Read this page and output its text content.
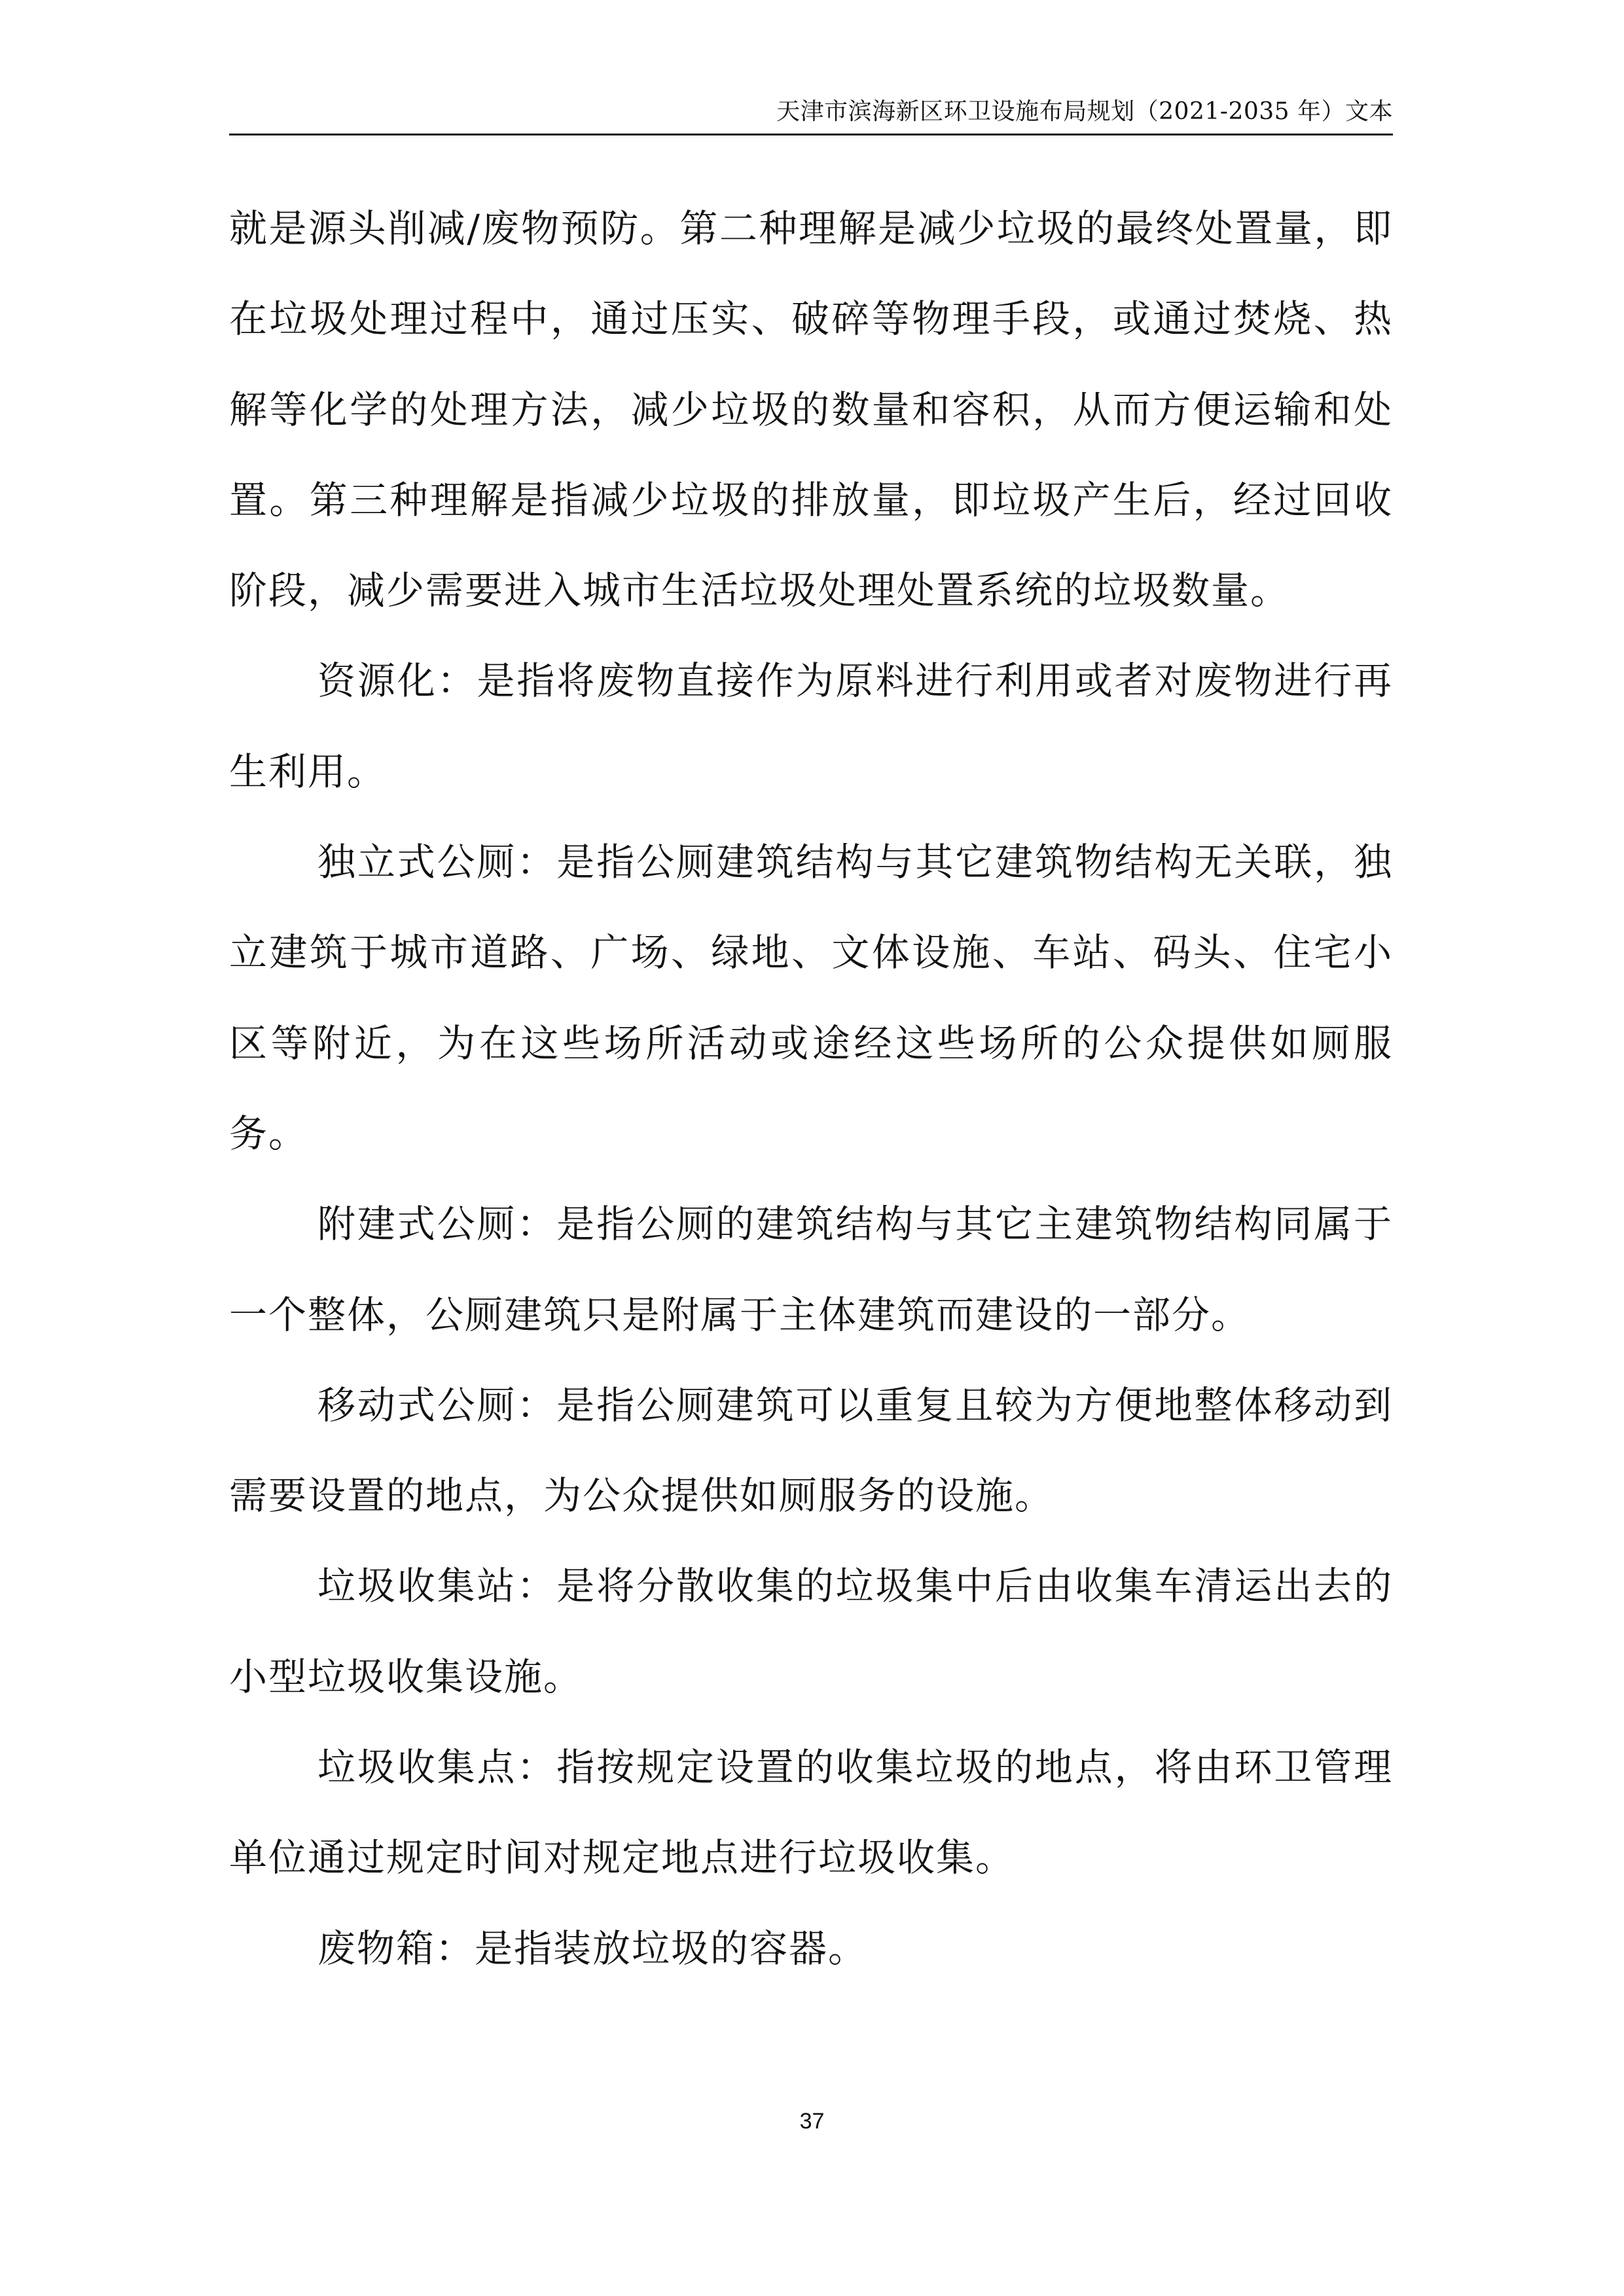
天津市滨海新区环卫设施布局规划（2021-2035 年）文本

就是源头削减/废物预防。第二种理解是减少垃圾的最终处置量，即在垃圾处理过程中，通过压实、破碎等物理手段，或通过焚烧、热解等化学的处理方法，减少垃圾的数量和容积，从而方便运输和处置。第三种理解是指减少垃圾的排放量，即垃圾产生后，经过回收阶段，减少需要进入城市生活垃圾处理处置系统的垃圾数量。

资源化：是指将废物直接作为原料进行利用或者对废物进行再生利用。

独立式公厕：是指公厕建筑结构与其它建筑物结构无关联，独立建筑于城市道路、广场、绿地、文体设施、车站、码头、住宅小区等附近，为在这些场所活动或途经这些场所的公众提供如厕服务。

附建式公厕：是指公厕的建筑结构与其它主建筑物结构同属于一个整体，公厕建筑只是附属于主体建筑而建设的一部分。

移动式公厕：是指公厕建筑可以重复且较为方便地整体移动到需要设置的地点，为公众提供如厕服务的设施。

垃圾收集站：是将分散收集的垃圾集中后由收集车清运出去的小型垃圾收集设施。

垃圾收集点：指按规定设置的收集垃圾的地点，将由环卫管理单位通过规定时间对规定地点进行垃圾收集。

废物箱：是指装放垃圾的容器。

37
